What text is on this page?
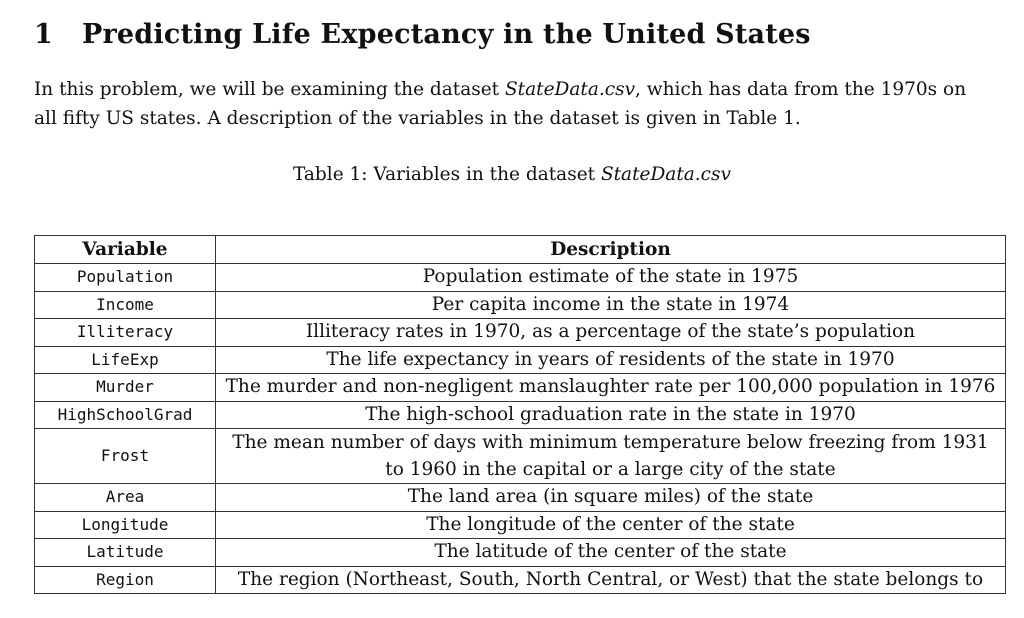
1 Predicting Life Expectancy in the United States

In this problem, we will be examining the dataset StateData.csv, which has data from the 1970s on all fifty US states. A description of the variables in the dataset is given in Table 1.

Table 1: Variables in the dataset StateData.csv
Variable	Description
Population	Population estimate of the state in 1975
Income	Per capita income in the state in 1974
Illiteracy	Illiteracy rates in 1970, as a percentage of the state’s population
LifeExp	The life expectancy in years of residents of the state in 1970
Murder	The murder and non-negligent manslaughter rate per 100,000 population in 1976
HighSchoolGrad	The high-school graduation rate in the state in 1970
Frost	The mean number of days with minimum temperature below freezing from 1931 to 1960 in the capital or a large city of the state
Area	The land area (in square miles) of the state
Longitude	The longitude of the center of the state
Latitude	The latitude of the center of the state
Region	The region (Northeast, South, North Central, or West) that the state belongs to
